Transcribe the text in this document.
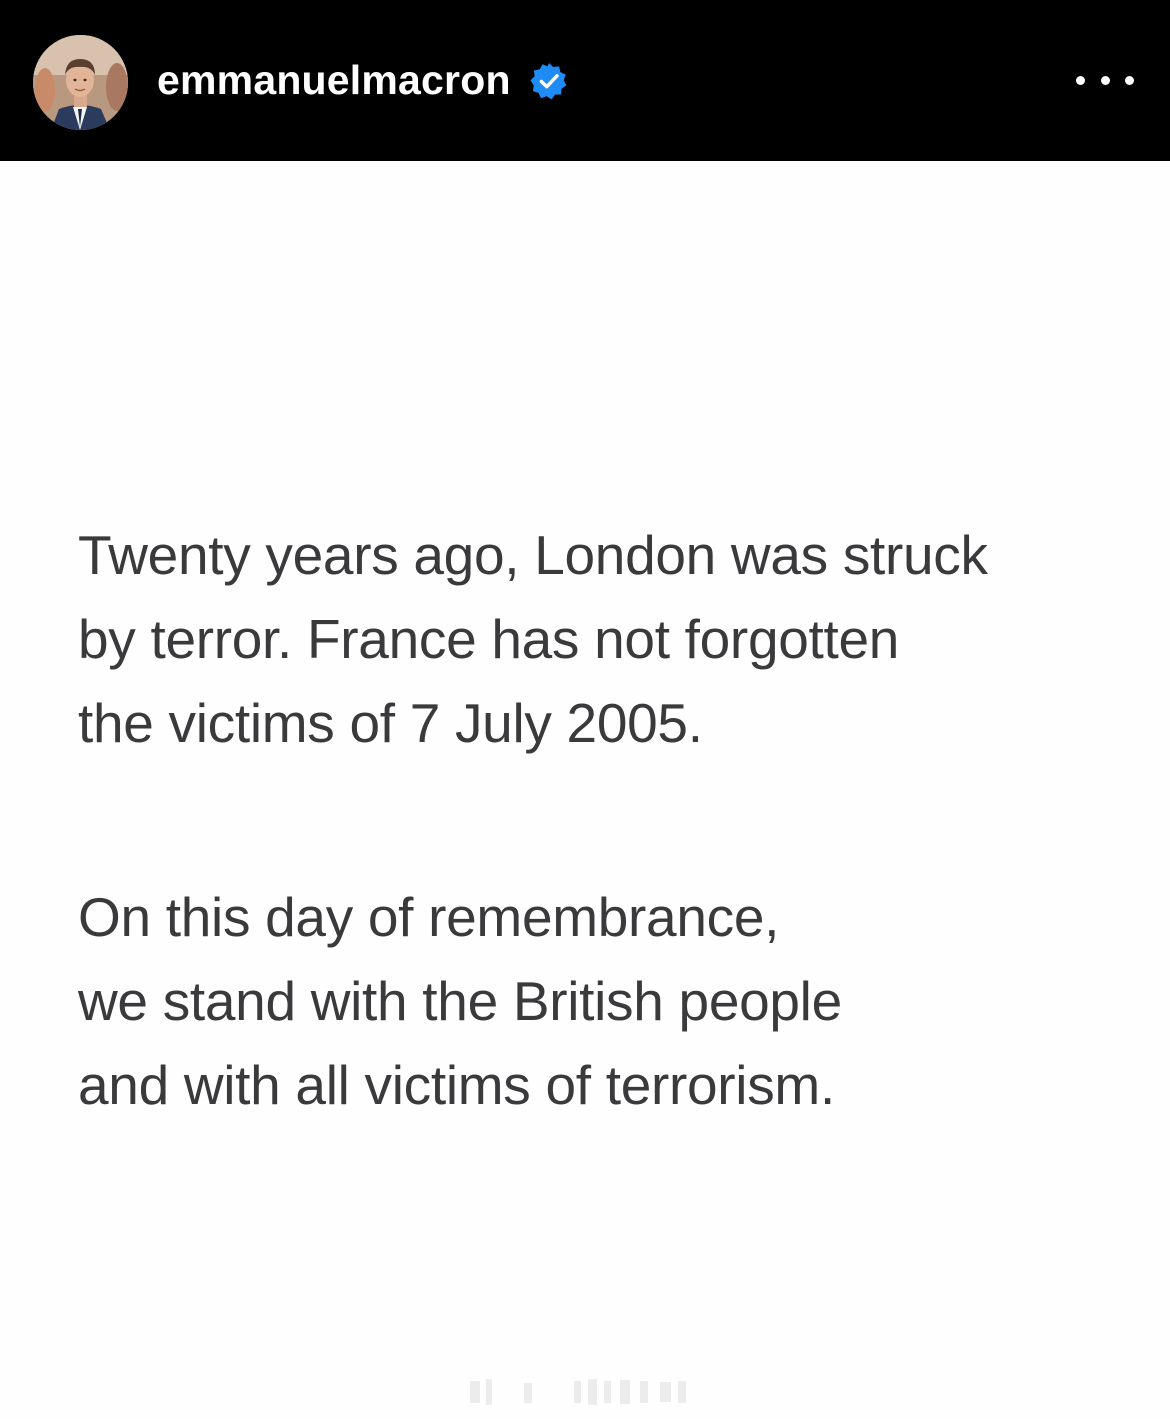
emmanuelmacron

Twenty years ago, London was struck
by terror. France has not forgotten
the victims of 7 July 2005.

On this day of remembrance,
we stand with the British people
and with all victims of terrorism.
